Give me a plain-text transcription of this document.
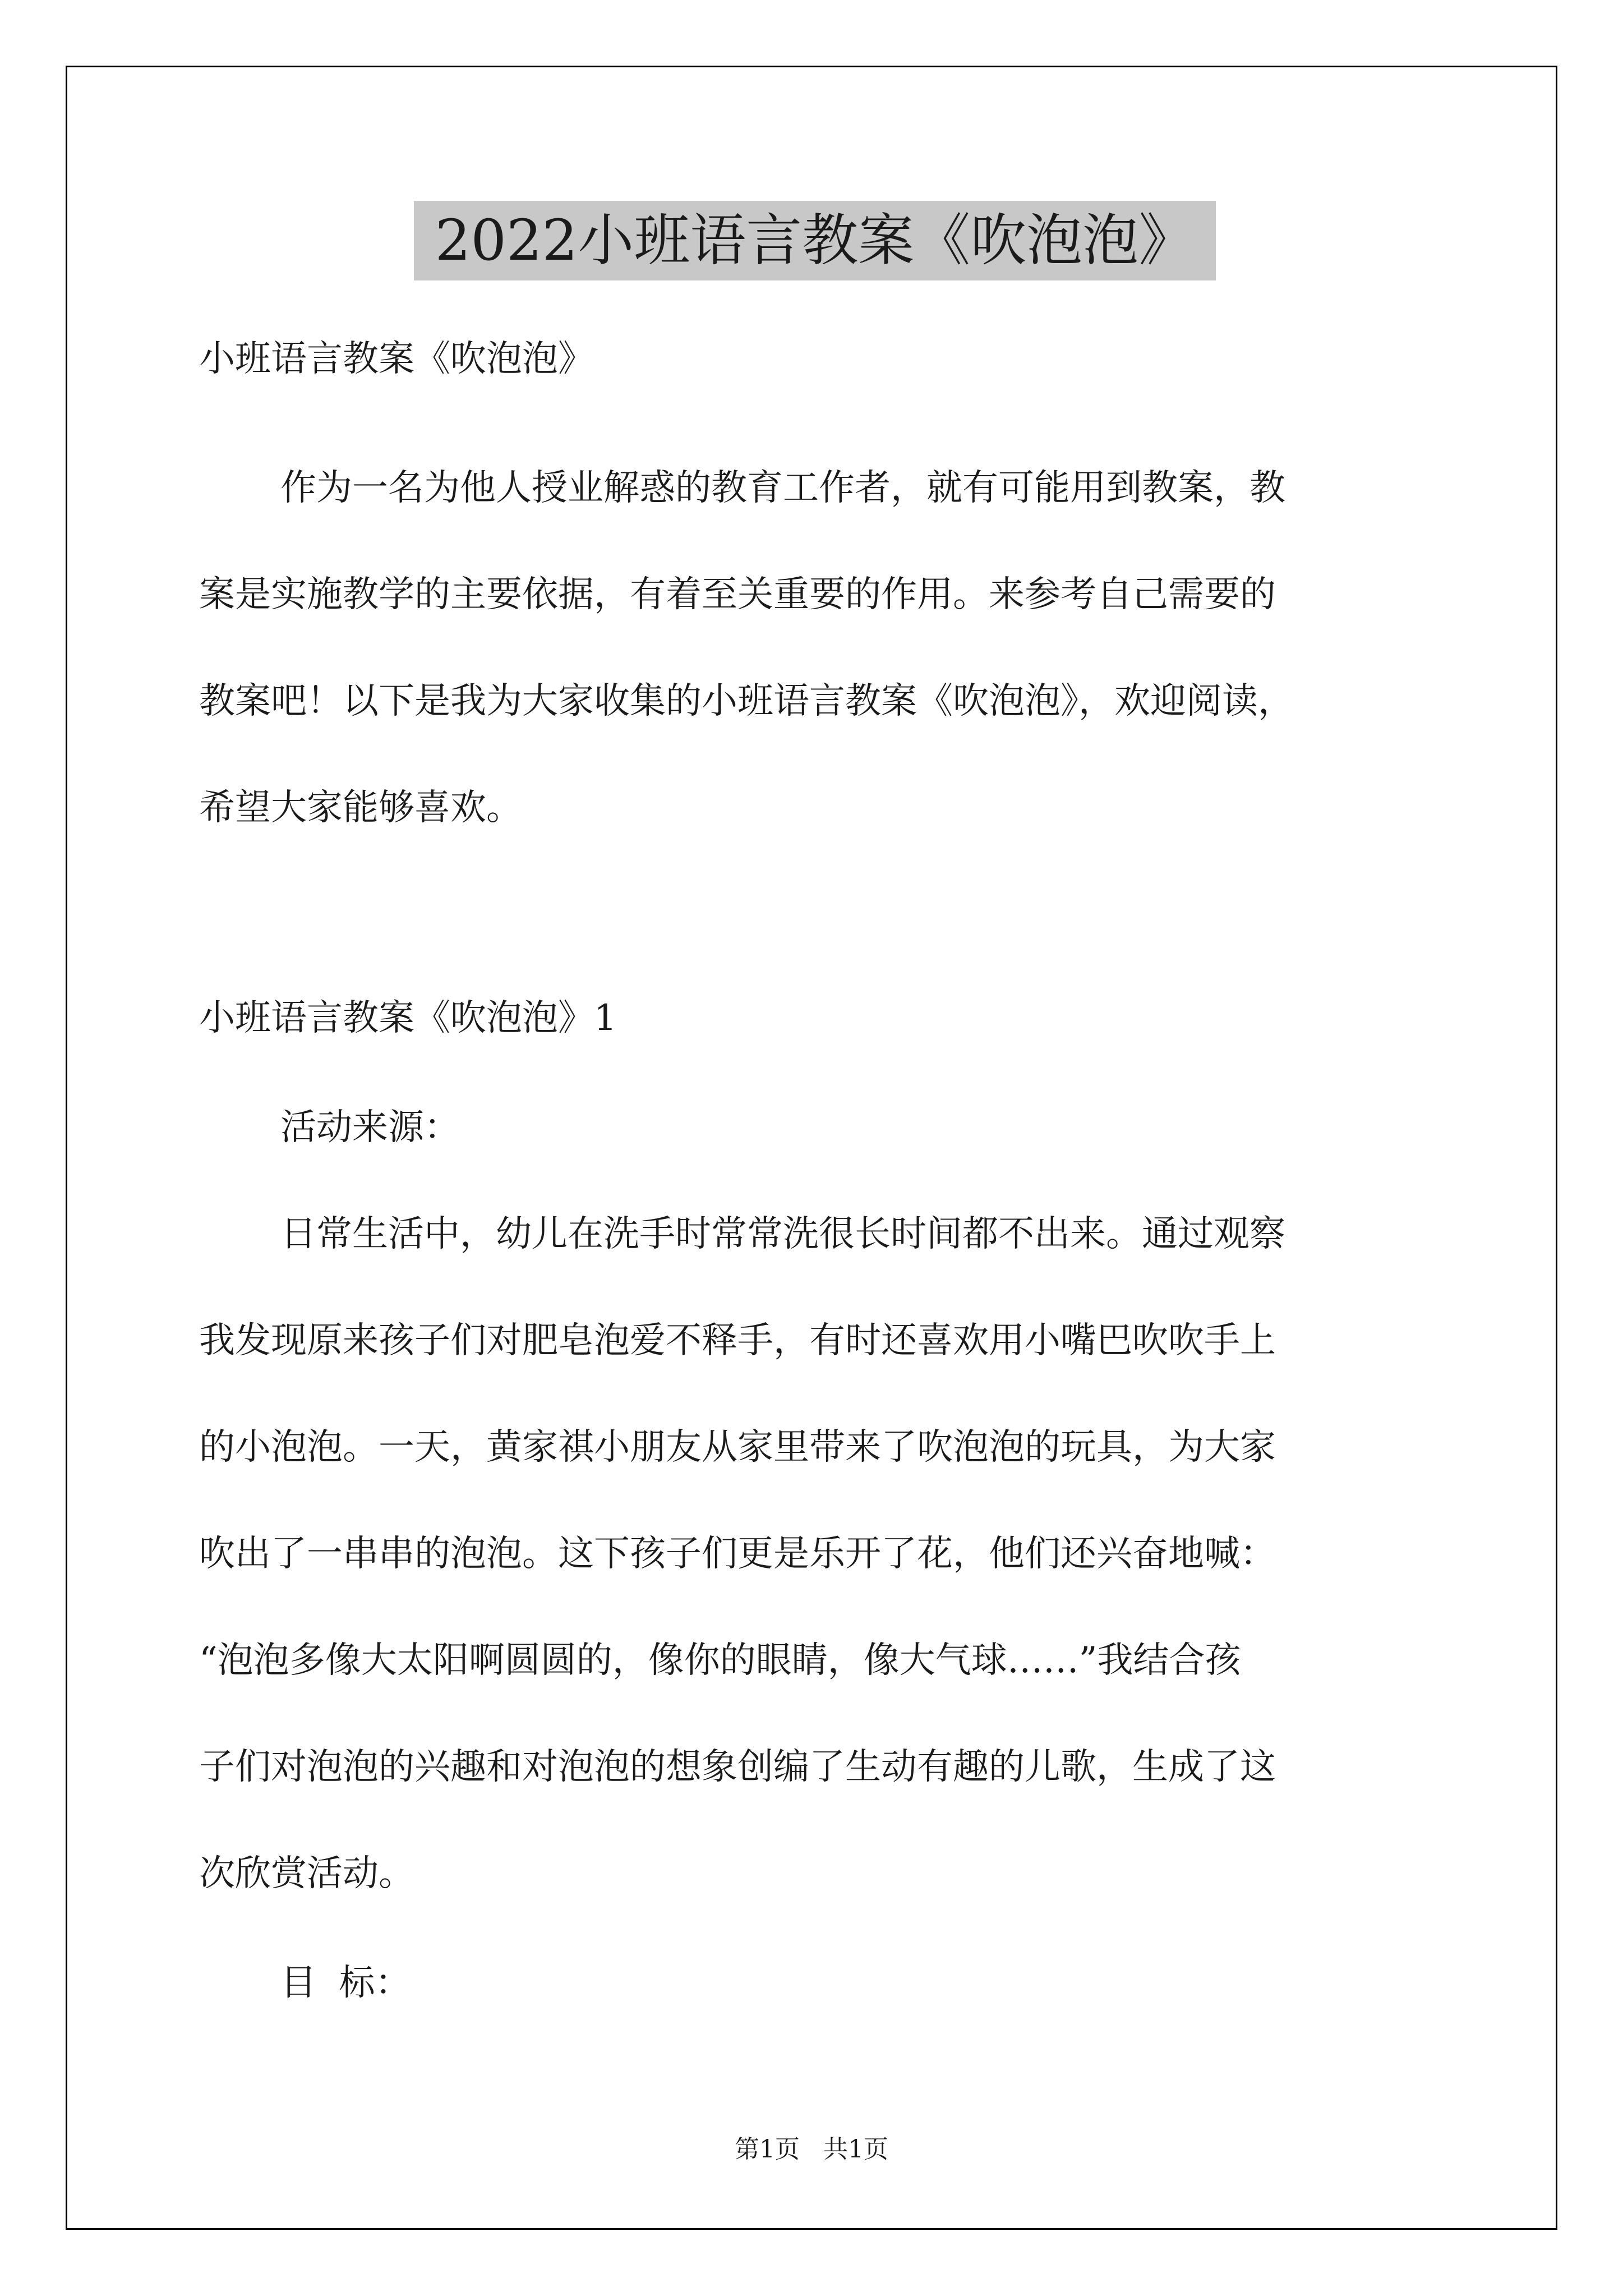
2022小班语言教案《吹泡泡》

小班语言教案《吹泡泡》

作为一名为他人授业解惑的教育工作者，就有可能用到教案，教

案是实施教学的主要依据，有着至关重要的作用。来参考自己需要的

教案吧！以下是我为大家收集的小班语言教案《吹泡泡》，欢迎阅读，

希望大家能够喜欢。

小班语言教案《吹泡泡》1

活动来源：

日常生活中，幼儿在洗手时常常洗很长时间都不出来。通过观察

我发现原来孩子们对肥皂泡爱不释手，有时还喜欢用小嘴巴吹吹手上

的小泡泡。一天，黄家祺小朋友从家里带来了吹泡泡的玩具，为大家

吹出了一串串的泡泡。这下孩子们更是乐开了花，他们还兴奋地喊：

“泡泡多像大太阳啊圆圆的，像你的眼睛，像大气球……”我结合孩

子们对泡泡的兴趣和对泡泡的想象创编了生动有趣的儿歌，生成了这

次欣赏活动。

目  标：

第1页   共1页
